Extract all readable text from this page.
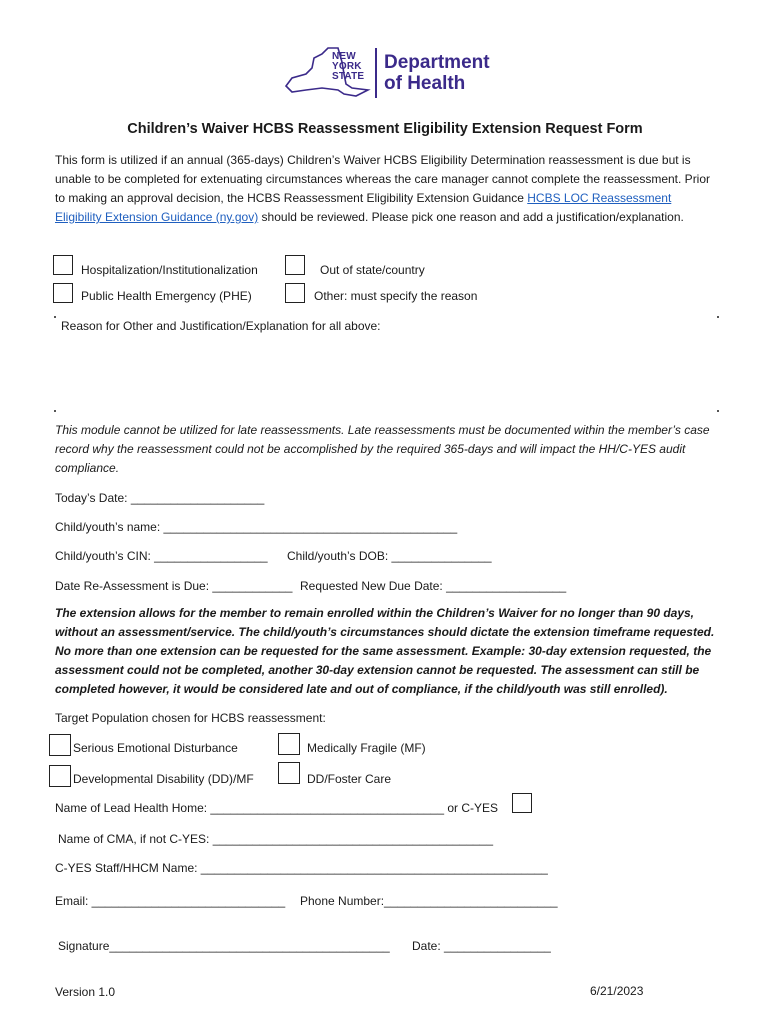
NEW YORK STATE
Department
of Health
Children’s Waiver HCBS Reassessment Eligibility Extension Request Form
This form is utilized if an annual (365-days) Children’s Waiver HCBS Eligibility Determination reassessment is due but is unable to be completed for extenuating circumstances whereas the care manager cannot complete the reassessment. Prior to making an approval decision, the HCBS Reassessment Eligibility Extension Guidance HCBS LOC Reassessment Eligibility Extension Guidance (ny.gov) should be reviewed. Please pick one reason and add a justification/explanation.
Hospitalization/Institutionalization	Out of state/country
Public Health Emergency (PHE)	Other: must specify the reason
Reason for Other and Justification/Explanation for all above:
This module cannot be utilized for late reassessments. Late reassessments must be documented within the member’s case record why the reassessment could not be accomplished by the required 365-days and will impact the HH/C-YES audit compliance.
Today’s Date: ____________________
Child/youth’s name: ____________________________________________
Child/youth’s CIN: _________________ Child/youth’s DOB: _______________
Date Re-Assessment is Due: ____________ Requested New Due Date: __________________
The extension allows for the member to remain enrolled within the Children’s Waiver for no longer than 90 days, without an assessment/service. The child/youth’s circumstances should dictate the extension timeframe requested. No more than one extension can be requested for the same assessment. Example: 30-day extension requested, the assessment could not be completed, another 30-day extension cannot be requested. The assessment can still be completed however, it would be considered late and out of compliance, if the child/youth was still enrolled).
Target Population chosen for HCBS reassessment:
Serious Emotional Disturbance	Medically Fragile (MF)
Developmental Disability (DD)/MF	DD/Foster Care
Name of Lead Health Home: ___________________________________ or C-YES
Name of CMA, if not C-YES: __________________________________________
C-YES Staff/HHCM Name: ____________________________________________________
Email: _____________________________ Phone Number:__________________________
Signature__________________________________________ Date: ________________
Version 1.0	6/21/2023
